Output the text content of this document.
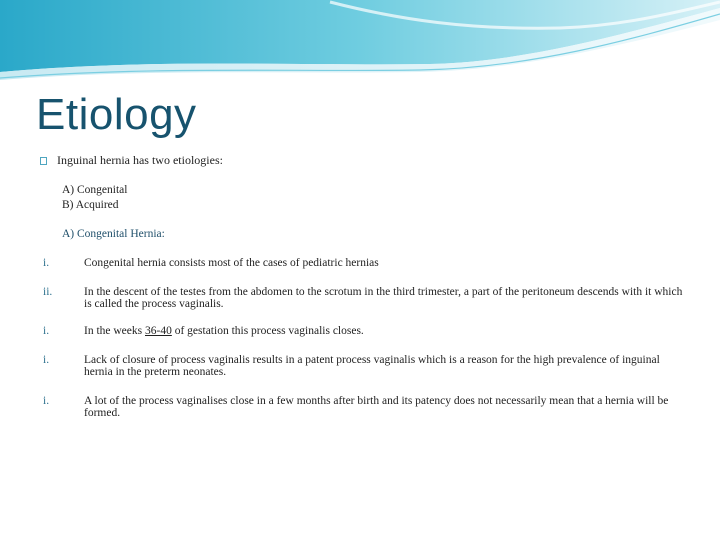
Etiology
Inguinal hernia has two etiologies:
A) Congenital
B) Acquired
A) Congenital Hernia:
i.	Congenital hernia consists most of the cases of pediatric hernias
ii.	In the descent of the testes from the abdomen to the scrotum in the third trimester, a part of the peritoneum descends with it which is called the process vaginalis.
i.	In the weeks 36-40 of gestation this process vaginalis closes.
i.	Lack of closure of process vaginalis results in a patent process vaginalis which is a reason for the high prevalence of inguinal hernia in the preterm neonates.
i.	A lot of the process vaginalises close in a few months after birth and its patency does not necessarily mean that a hernia will be formed.
